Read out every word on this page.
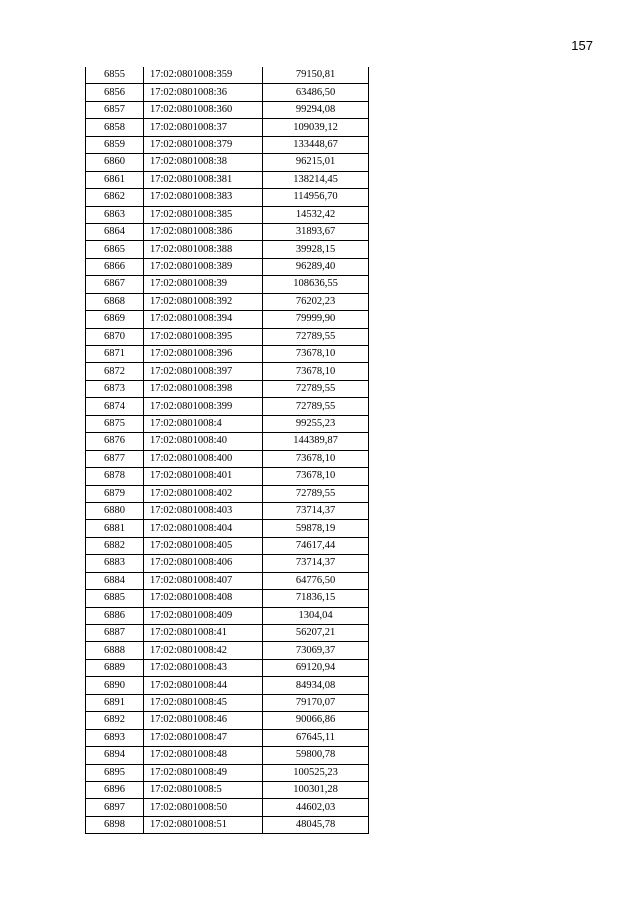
157
6855	17:02:0801008:359	79150,81
6856	17:02:0801008:36	63486,50
6857	17:02:0801008:360	99294,08
6858	17:02:0801008:37	109039,12
6859	17:02:0801008:379	133448,67
6860	17:02:0801008:38	96215,01
6861	17:02:0801008:381	138214,45
6862	17:02:0801008:383	114956,70
6863	17:02:0801008:385	14532,42
6864	17:02:0801008:386	31893,67
6865	17:02:0801008:388	39928,15
6866	17:02:0801008:389	96289,40
6867	17:02:0801008:39	108636,55
6868	17:02:0801008:392	76202,23
6869	17:02:0801008:394	79999,90
6870	17:02:0801008:395	72789,55
6871	17:02:0801008:396	73678,10
6872	17:02:0801008:397	73678,10
6873	17:02:0801008:398	72789,55
6874	17:02:0801008:399	72789,55
6875	17:02:0801008:4	99255,23
6876	17:02:0801008:40	144389,87
6877	17:02:0801008:400	73678,10
6878	17:02:0801008:401	73678,10
6879	17:02:0801008:402	72789,55
6880	17:02:0801008:403	73714,37
6881	17:02:0801008:404	59878,19
6882	17:02:0801008:405	74617,44
6883	17:02:0801008:406	73714,37
6884	17:02:0801008:407	64776,50
6885	17:02:0801008:408	71836,15
6886	17:02:0801008:409	1304,04
6887	17:02:0801008:41	56207,21
6888	17:02:0801008:42	73069,37
6889	17:02:0801008:43	69120,94
6890	17:02:0801008:44	84934,08
6891	17:02:0801008:45	79170,07
6892	17:02:0801008:46	90066,86
6893	17:02:0801008:47	67645,11
6894	17:02:0801008:48	59800,78
6895	17:02:0801008:49	100525,23
6896	17:02:0801008:5	100301,28
6897	17:02:0801008:50	44602,03
6898	17:02:0801008:51	48045,78
